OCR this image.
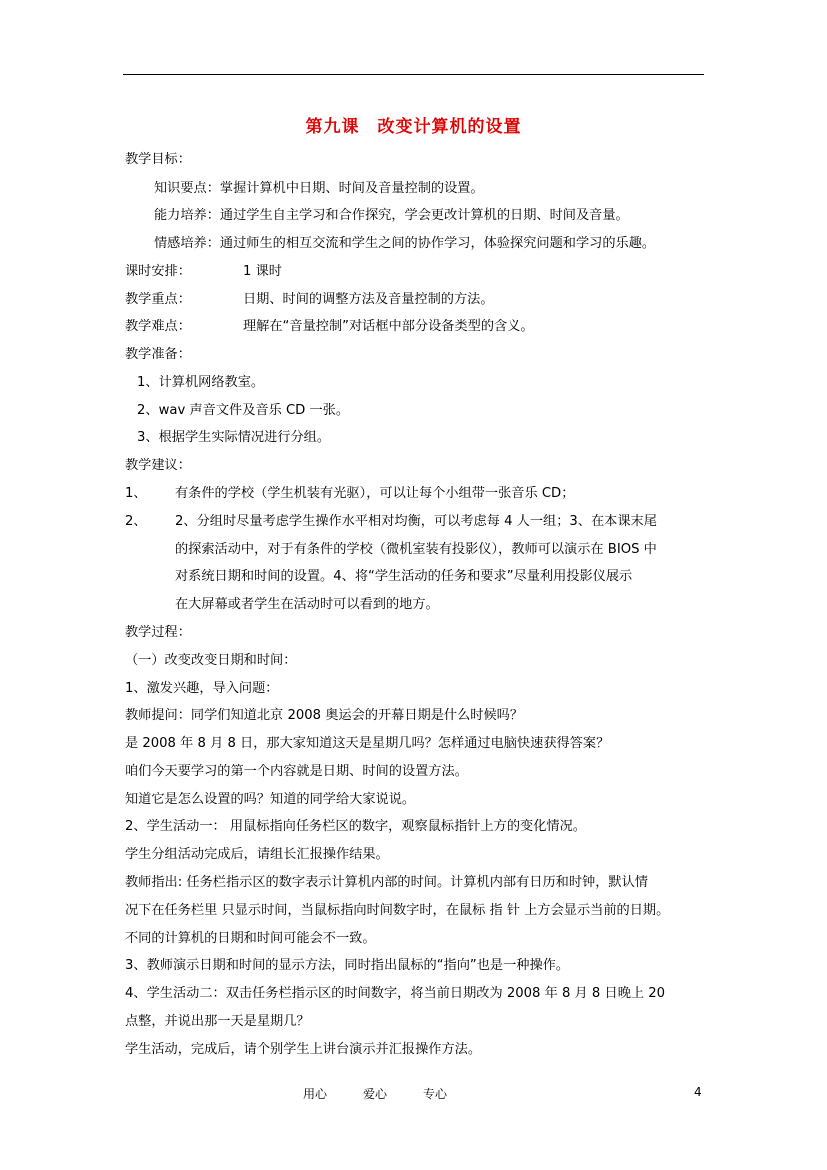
第九课　改变计算机的设置
教学目标：
知识要点：掌握计算机中日期、时间及音量控制的设置。
能力培养：通过学生自主学习和合作探究，学会更改计算机的日期、时间及音量。
情感培养：通过师生的相互交流和学生之间的协作学习，体验探究问题和学习的乐趣。
课时安排：	1 课时
教学重点：	日期、时间的调整方法及音量控制的方法。
教学难点：	理解在“音量控制”对话框中部分设备类型的含义。
教学准备：
1、计算机网络教室。
2、wav 声音文件及音乐 CD 一张。
3、根据学生实际情况进行分组。
教学建议：
1、 有条件的学校（学生机装有光驱），可以让每个小组带一张音乐 CD；
2、 2、分组时尽量考虑学生操作水平相对均衡，可以考虑每 4 人一组；3、在本课末尾
的探索活动中，对于有条件的学校（微机室装有投影仪），教师可以演示在 BIOS 中
对系统日期和时间的设置。4、将“学生活动的任务和要求”尽量利用投影仪展示
在大屏幕或者学生在活动时可以看到的地方。
教学过程：
（一）改变改变日期和时间：
1、激发兴趣，导入问题：
教师提问：同学们知道北京 2008 奥运会的开幕日期是什么时候吗？
是 2008 年 8 月 8 日，那大家知道这天是星期几吗？怎样通过电脑快速获得答案？
咱们今天要学习的第一个内容就是日期、时间的设置方法。
知道它是怎么设置的吗？知道的同学给大家说说。
2、学生活动一： 用鼠标指向任务栏区的数字，观察鼠标指针上方的变化情况。
学生分组活动完成后，请组长汇报操作结果。
教师指出: 任务栏指示区的数字表示计算机内部的时间。计算机内部有日历和时钟，默认情
况下在任务栏里 只显示时间，当鼠标指向时间数字时，在鼠标 指 针 上方会显示当前的日期。
不同的计算机的日期和时间可能会不一致。
3、教师演示日期和时间的显示方法，同时指出鼠标的“指向”也是一种操作。
4、学生活动二：双击任务栏指示区的时间数字，将当前日期改为 2008 年 8 月 8 日晚上 20
点整，并说出那一天是星期几？
学生活动，完成后，请个别学生上讲台演示并汇报操作方法。
用心　　　爱心　　　专心	4
